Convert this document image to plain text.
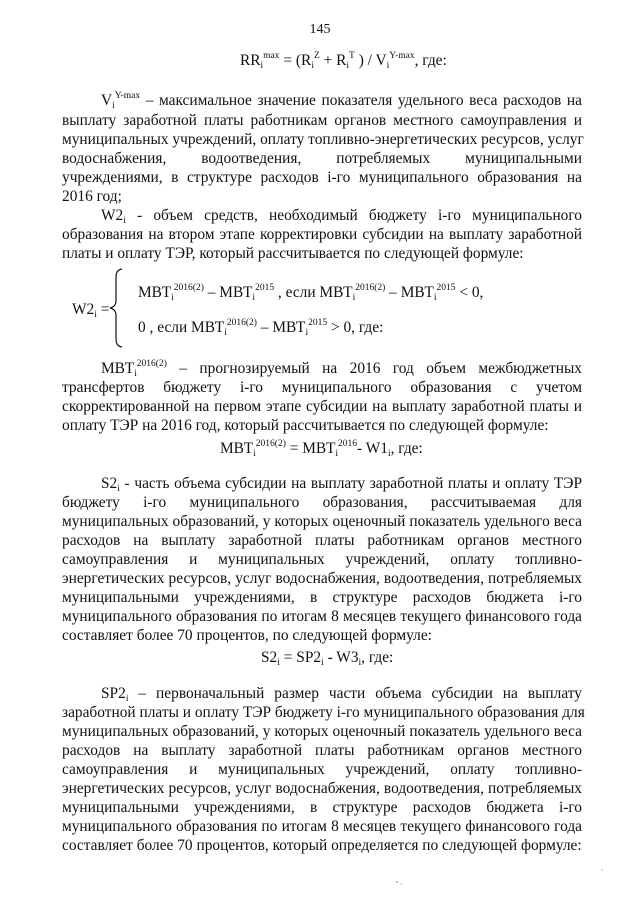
145
$RR_i^{max} = (R_i^Z + R_i^T$ ) / $V_i^{Y-max}$, где:
$V_i^{Y-max}$ – максимальное значение показателя удельного веса расходов на
выплату заработной платы работникам органов местного самоуправления и
муниципальных учреждений, оплату топливно-энергетических ресурсов, услуг
водоснабжения, водоотведения, потребляемых муниципальными
учреждениями, в структуре расходов i-го муниципального образования на
2016 год;
$W2_i$ - объем средств, необходимый бюджету i-го муниципального
образования на втором этапе корректировки субсидии на выплату заработной
платы и оплату ТЭР, который рассчитывается по следующей формуле:
$W2_i$ =
$МВТ_i^{2016(2)} - МВТ_i^{2015}$ , если $МВТ_i^{2016(2)} - МВТ_i^{2015} < 0$,
0 , если $МВТ_i^{2016(2)} - МВТ_i^{2015} > 0$, где:
$МВТ_i^{2016(2)}$ – прогнозируемый на 2016 год объем межбюджетных
трансфертов бюджету i-го муниципального образования с учетом
скорректированной на первом этапе субсидии на выплату заработной платы и
оплату ТЭР на 2016 год, который рассчитывается по следующей формуле:
$МВТ_i^{2016(2)} = МВТ_i^{2016}-$ $W1_i$, где:
$S2_i$ - часть объема субсидии на выплату заработной платы и оплату ТЭР
бюджету i-го муниципального образования, рассчитываемая для
муниципальных образований, у которых оценочный показатель удельного веса
расходов на выплату заработной платы работникам органов местного
самоуправления и муниципальных учреждений, оплату топливно-
энергетических ресурсов, услуг водоснабжения, водоотведения, потребляемых
муниципальными учреждениями, в структуре расходов бюджета i-го
муниципального образования по итогам 8 месяцев текущего финансового года
составляет более 70 процентов, по следующей формуле:
$S2_i = SP2_i - W3_i$, где:
$SP2_i$ – первоначальный размер части объема субсидии на выплату
заработной платы и оплату ТЭР бюджету i-го муниципального образования для
муниципальных образований, у которых оценочный показатель удельного веса
расходов на выплату заработной платы работникам органов местного
самоуправления и муниципальных учреждений, оплату топливно-
энергетических ресурсов, услуг водоснабжения, водоотведения, потребляемых
муниципальными учреждениями, в структуре расходов бюджета i-го
муниципального образования по итогам 8 месяцев текущего финансового года
составляет более 70 процентов, который определяется по следующей формуле:
